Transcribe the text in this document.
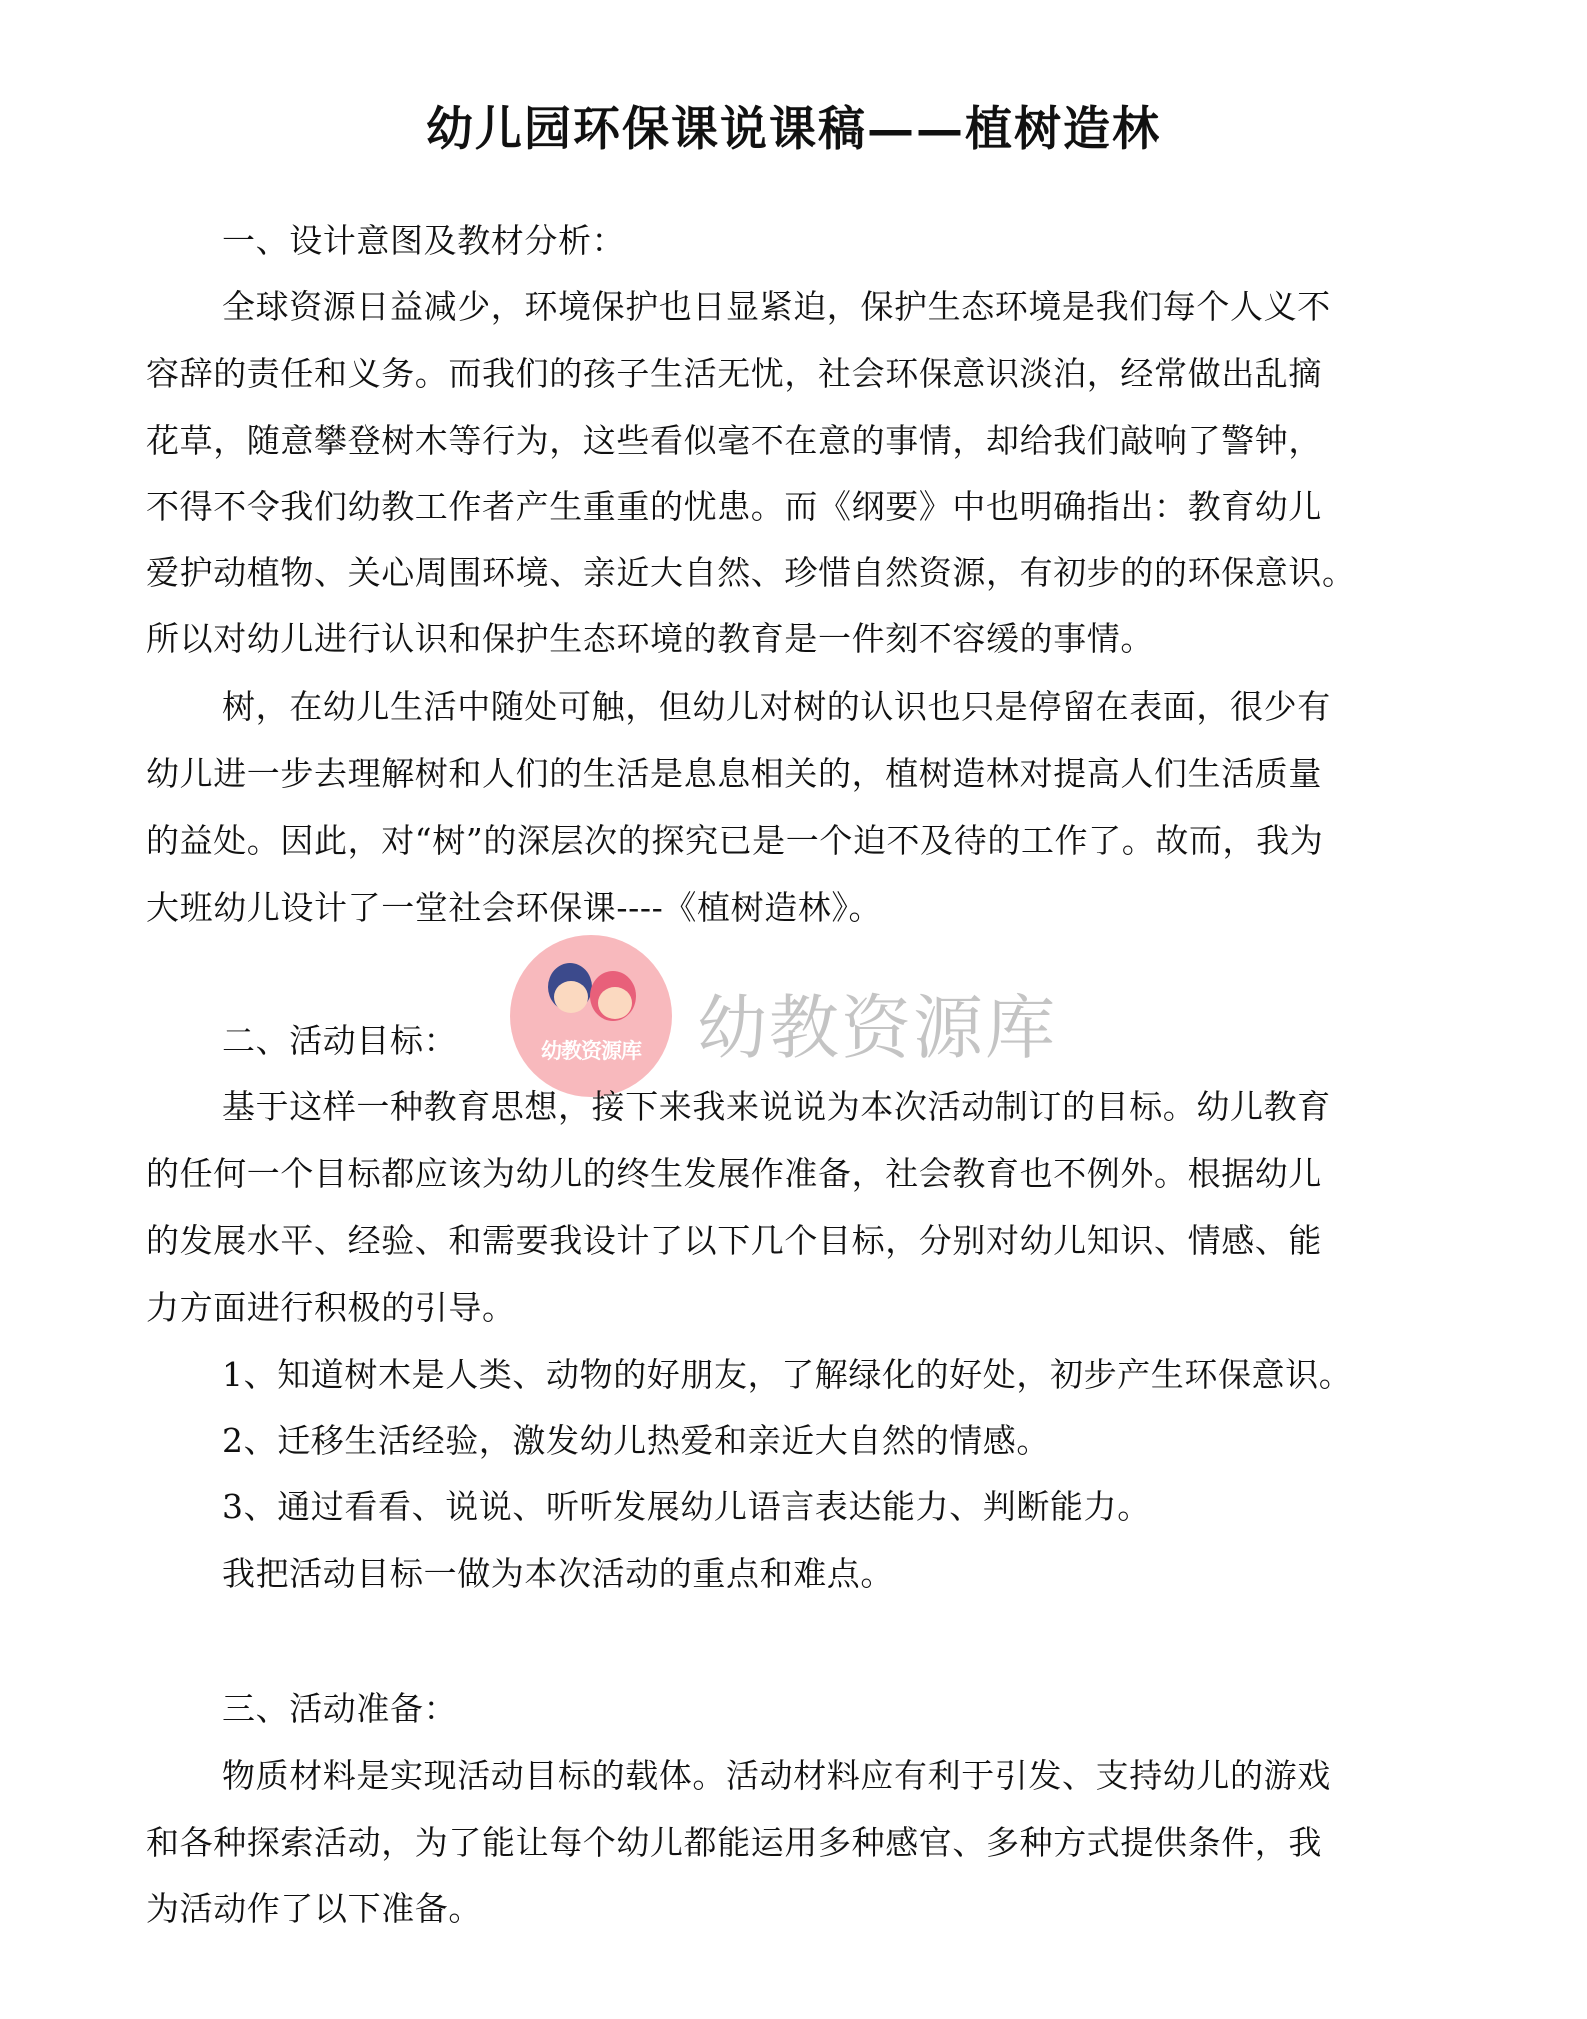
幼儿园环保课说课稿——植树造林
一、设计意图及教材分析：
全球资源日益减少，环境保护也日显紧迫，保护生态环境是我们每个人义不
容辞的责任和义务。而我们的孩子生活无忧，社会环保意识淡泊，经常做出乱摘
花草，随意攀登树木等行为，这些看似毫不在意的事情，却给我们敲响了警钟，
不得不令我们幼教工作者产生重重的忧患。而《纲要》中也明确指出：教育幼儿
爱护动植物、关心周围环境、亲近大自然、珍惜自然资源，有初步的的环保意识。
所以对幼儿进行认识和保护生态环境的教育是一件刻不容缓的事情。
树，在幼儿生活中随处可触，但幼儿对树的认识也只是停留在表面，很少有
幼儿进一步去理解树和人们的生活是息息相关的，植树造林对提高人们生活质量
的益处。因此，对“树”的深层次的探究已是一个迫不及待的工作了。故而，我为
大班幼儿设计了一堂社会环保课----《植树造林》。
幼教资源库 幼教资源库
二、活动目标：
基于这样一种教育思想，接下来我来说说为本次活动制订的目标。幼儿教育
的任何一个目标都应该为幼儿的终生发展作准备，社会教育也不例外。根据幼儿
的发展水平、经验、和需要我设计了以下几个目标，分别对幼儿知识、情感、能
力方面进行积极的引导。
1、知道树木是人类、动物的好朋友，了解绿化的好处，初步产生环保意识。
2、迁移生活经验，激发幼儿热爱和亲近大自然的情感。
3、通过看看、说说、听听发展幼儿语言表达能力、判断能力。
我把活动目标一做为本次活动的重点和难点。
三、活动准备：
物质材料是实现活动目标的载体。活动材料应有利于引发、支持幼儿的游戏
和各种探索活动，为了能让每个幼儿都能运用多种感官、多种方式提供条件，我
为活动作了以下准备。
